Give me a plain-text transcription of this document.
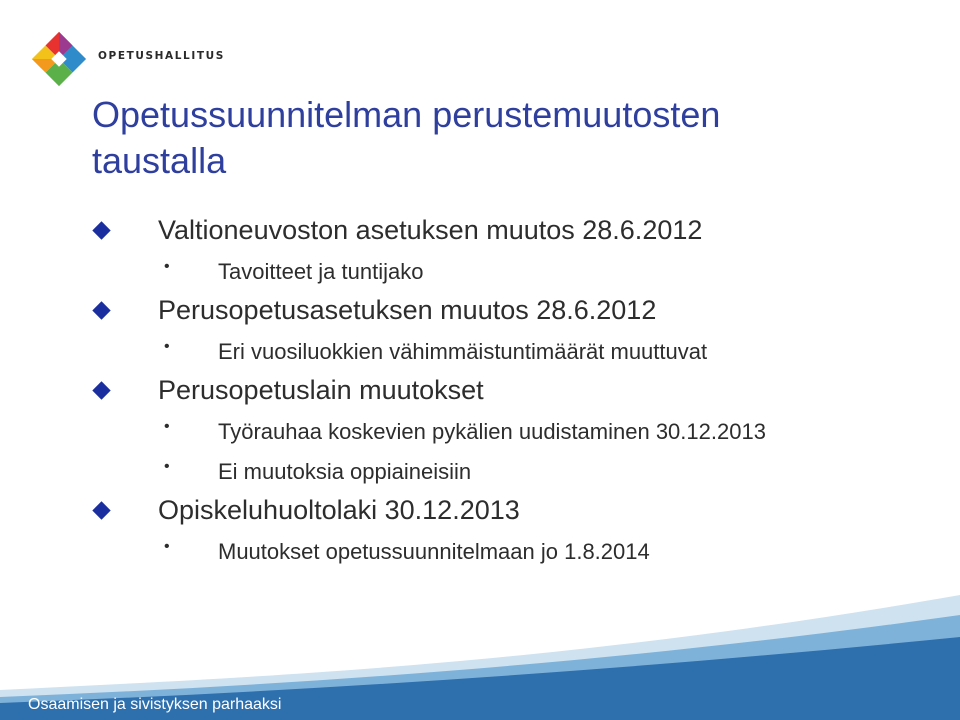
OPETUSHALLITUS
Opetussuunnitelman perustemuutosten
taustalla
Valtioneuvoston asetuksen muutos 28.6.2012
• Tavoitteet ja tuntijako
Perusopetusasetuksen muutos 28.6.2012
• Eri vuosiluokkien vähimmäistuntimäärät muuttuvat
Perusopetuslain muutokset
• Työrauhaa koskevien pykälien uudistaminen 30.12.2013
• Ei muutoksia oppiaineisiin
Opiskeluhuoltolaki 30.12.2013
• Muutokset opetussuunnitelmaan jo 1.8.2014
Osaamisen ja sivistyksen parhaaksi
